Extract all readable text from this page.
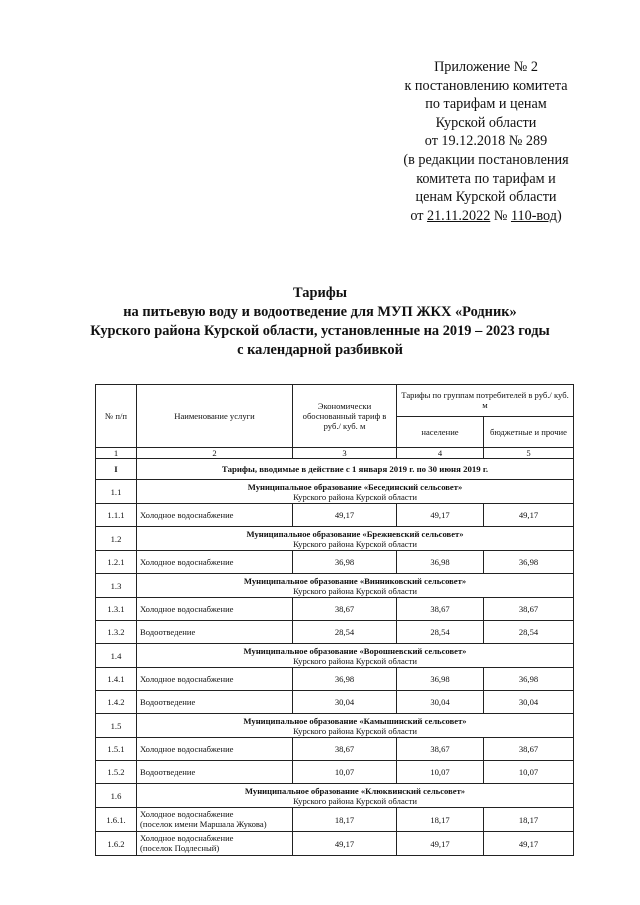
Приложение № 2
к постановлению комитета
по тарифам и ценам
Курской области
от 19.12.2018 № 289
(в редакции постановления
комитета по тарифам и
ценам Курской области
от 21.11.2022 № 110-вод)
Тарифы
на питьевую воду и водоотведение для МУП ЖКХ «Родник»
Курского района Курской области, установленные на 2019 – 2023 годы
с календарной разбивкой
№ п/п	Наименование услуги	Экономически обоснованный тариф в руб./ куб. м	Тарифы по группам потребителей в руб./ куб. м	
			население	бюджетные и прочие
1	2	3	4	5
I	Тарифы, вводимые в действие с 1 января 2019 г. по 30 июня 2019 г.			
1.1	Муниципальное образование «Бесединский сельсовет»
Курского района Курской области			

1.1.1	Холодное водоснабжение	49,17	49,17	49,17
1.2	Муниципальное образование «Брежневский сельсовет»
Курского района Курской области			

1.2.1	Холодное водоснабжение	36,98	36,98	36,98
1.3	Муниципальное образование «Винниковский сельсовет»
Курского района Курской области			

1.3.1	Холодное водоснабжение	38,67	38,67	38,67
1.3.2	Водоотведение	28,54	28,54	28,54
1.4	Муниципальное образование «Ворошневский сельсовет»
Курского района Курской области			

1.4.1	Холодное водоснабжение	36,98	36,98	36,98
1.4.2	Водоотведение	30,04	30,04	30,04
1.5	Муниципальное образование «Камышинский сельсовет»
Курского района Курской области			

1.5.1	Холодное водоснабжение	38,67	38,67	38,67
1.5.2	Водоотведение	10,07	10,07	10,07
1.6	Муниципальное образование «Клюквинский сельсовет»
Курского района Курской области			

1.6.1.	Холодное водоснабжение
(поселок имени Маршала Жукова)	18,17	18,17	18,17
1.6.2	Холодное водоснабжение
(поселок Подлесный)	49,17	49,17	49,17
